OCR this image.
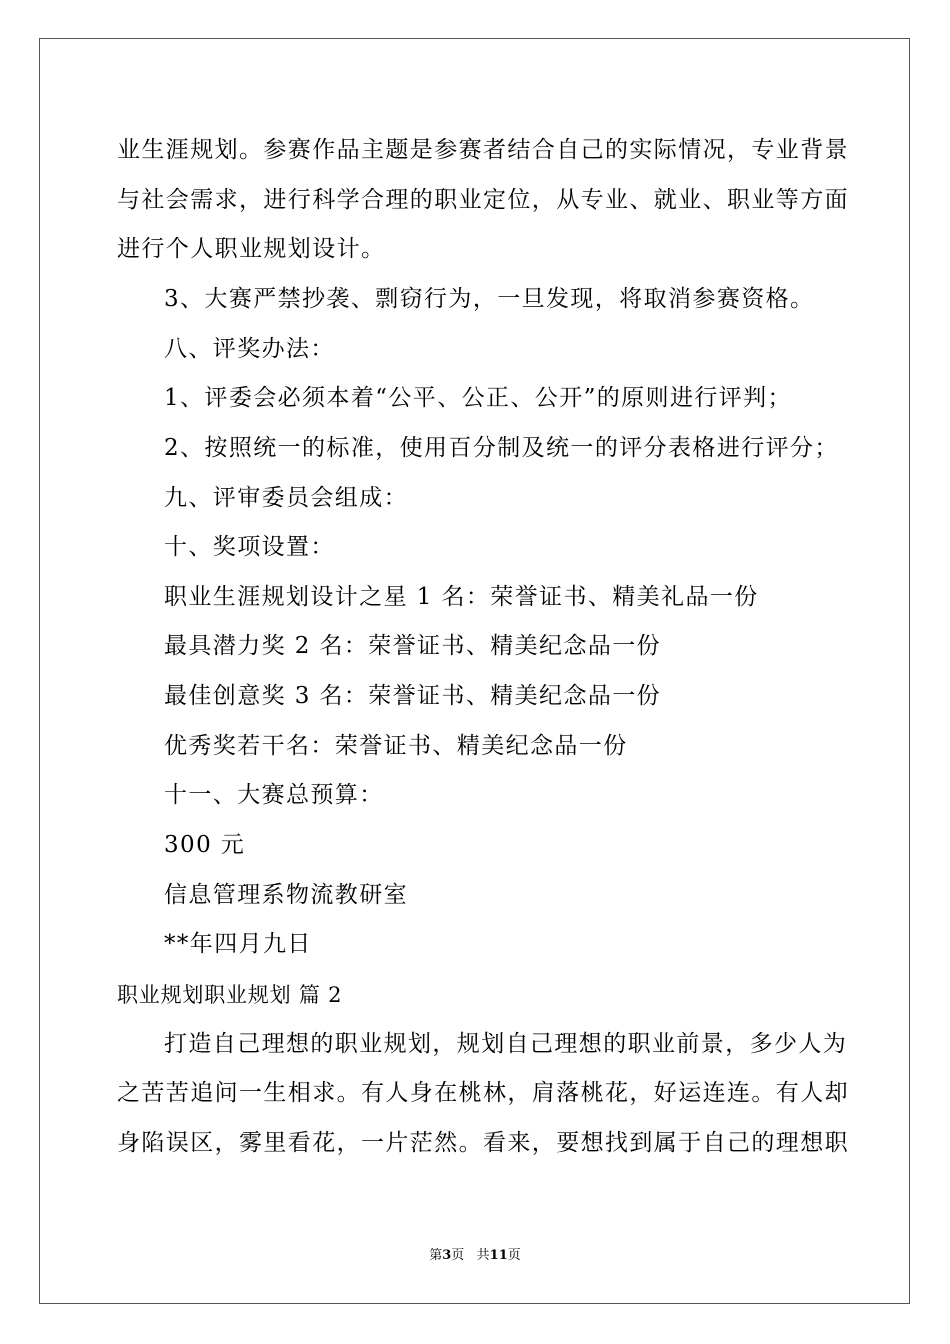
业生涯规划。参赛作品主题是参赛者结合自己的实际情况，专业背景
与社会需求，进行科学合理的职业定位，从专业、就业、职业等方面
进行个人职业规划设计。
3、大赛严禁抄袭、剽窃行为，一旦发现，将取消参赛资格。
八、评奖办法：
1、评委会必须本着“公平、公正、公开”的原则进行评判；
2、按照统一的标准，使用百分制及统一的评分表格进行评分；
九、评审委员会组成：
十、奖项设置：
职业生涯规划设计之星 1 名：荣誉证书、精美礼品一份
最具潜力奖 2 名：荣誉证书、精美纪念品一份
最佳创意奖 3 名：荣誉证书、精美纪念品一份
优秀奖若干名：荣誉证书、精美纪念品一份
十一、大赛总预算：
300 元
信息管理系物流教研室
**年四月九日
职业规划职业规划 篇 2
打造自己理想的职业规划，规划自己理想的职业前景，多少人为
之苦苦追问一生相求。有人身在桃林，肩落桃花，好运连连。有人却
身陷误区，雾里看花，一片茫然。看来，要想找到属于自己的理想职
第3页   共11页
